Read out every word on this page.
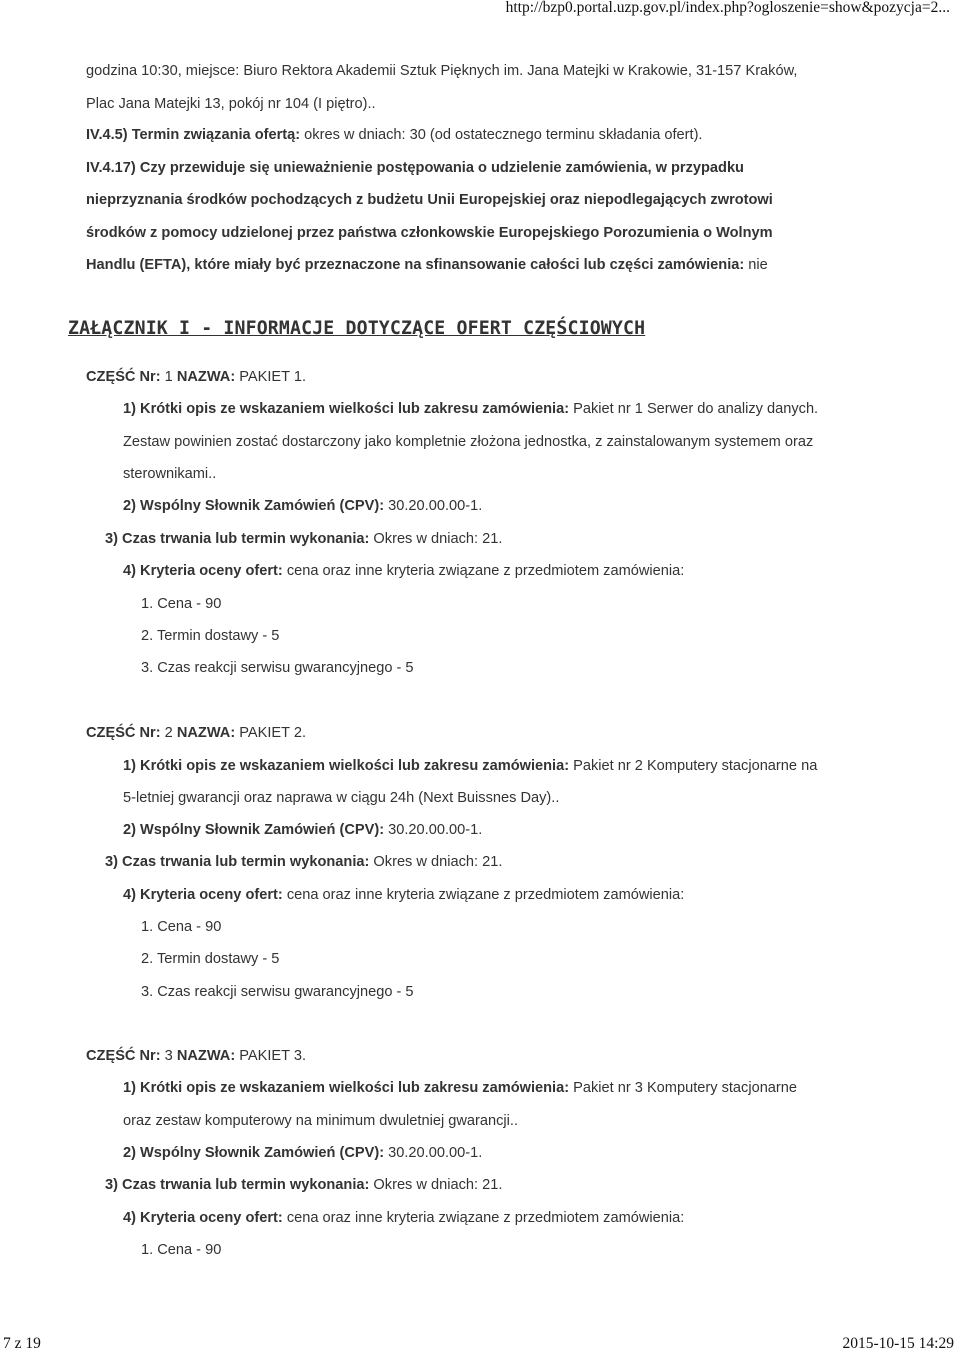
http://bzp0.portal.uzp.gov.pl/index.php?ogloszenie=show&pozycja=2...
7 z 19	2015-10-15 14:29
godzina 10:30, miejsce: Biuro Rektora Akademii Sztuk Pięknych im. Jana Matejki w Krakowie, 31-157 Kraków,
Plac Jana Matejki 13, pokój nr 104 (I piętro)..
IV.4.5) Termin związania ofertą: okres w dniach: 30 (od ostatecznego terminu składania ofert).
IV.4.17) Czy przewiduje się unieważnienie postępowania o udzielenie zamówienia, w przypadku
nieprzyznania środków pochodzących z budżetu Unii Europejskiej oraz niepodlegających zwrotowi
środków z pomocy udzielonej przez państwa członkowskie Europejskiego Porozumienia o Wolnym
Handlu (EFTA), które miały być przeznaczone na sfinansowanie całości lub części zamówienia: nie
ZAŁĄCZNIK I - INFORMACJE DOTYCZĄCE OFERT CZĘŚCIOWYCH
CZĘŚĆ Nr: 1 NAZWA: PAKIET 1.
1) Krótki opis ze wskazaniem wielkości lub zakresu zamówienia: Pakiet nr 1 Serwer do analizy danych.
Zestaw powinien zostać dostarczony jako kompletnie złożona jednostka, z zainstalowanym systemem oraz
sterownikami..
2) Wspólny Słownik Zamówień (CPV): 30.20.00.00-1.
3) Czas trwania lub termin wykonania: Okres w dniach: 21.
4) Kryteria oceny ofert: cena oraz inne kryteria związane z przedmiotem zamówienia:
1. Cena - 90
2. Termin dostawy - 5
3. Czas reakcji serwisu gwarancyjnego - 5
CZĘŚĆ Nr: 2 NAZWA: PAKIET 2.
1) Krótki opis ze wskazaniem wielkości lub zakresu zamówienia: Pakiet nr 2 Komputery stacjonarne na
5-letniej gwarancji oraz naprawa w ciągu 24h (Next Buissnes Day)..
2) Wspólny Słownik Zamówień (CPV): 30.20.00.00-1.
3) Czas trwania lub termin wykonania: Okres w dniach: 21.
4) Kryteria oceny ofert: cena oraz inne kryteria związane z przedmiotem zamówienia:
1. Cena - 90
2. Termin dostawy - 5
3. Czas reakcji serwisu gwarancyjnego - 5
CZĘŚĆ Nr: 3 NAZWA: PAKIET 3.
1) Krótki opis ze wskazaniem wielkości lub zakresu zamówienia: Pakiet nr 3 Komputery stacjonarne
oraz zestaw komputerowy na minimum dwuletniej gwarancji..
2) Wspólny Słownik Zamówień (CPV): 30.20.00.00-1.
3) Czas trwania lub termin wykonania: Okres w dniach: 21.
4) Kryteria oceny ofert: cena oraz inne kryteria związane z przedmiotem zamówienia:
1. Cena - 90
